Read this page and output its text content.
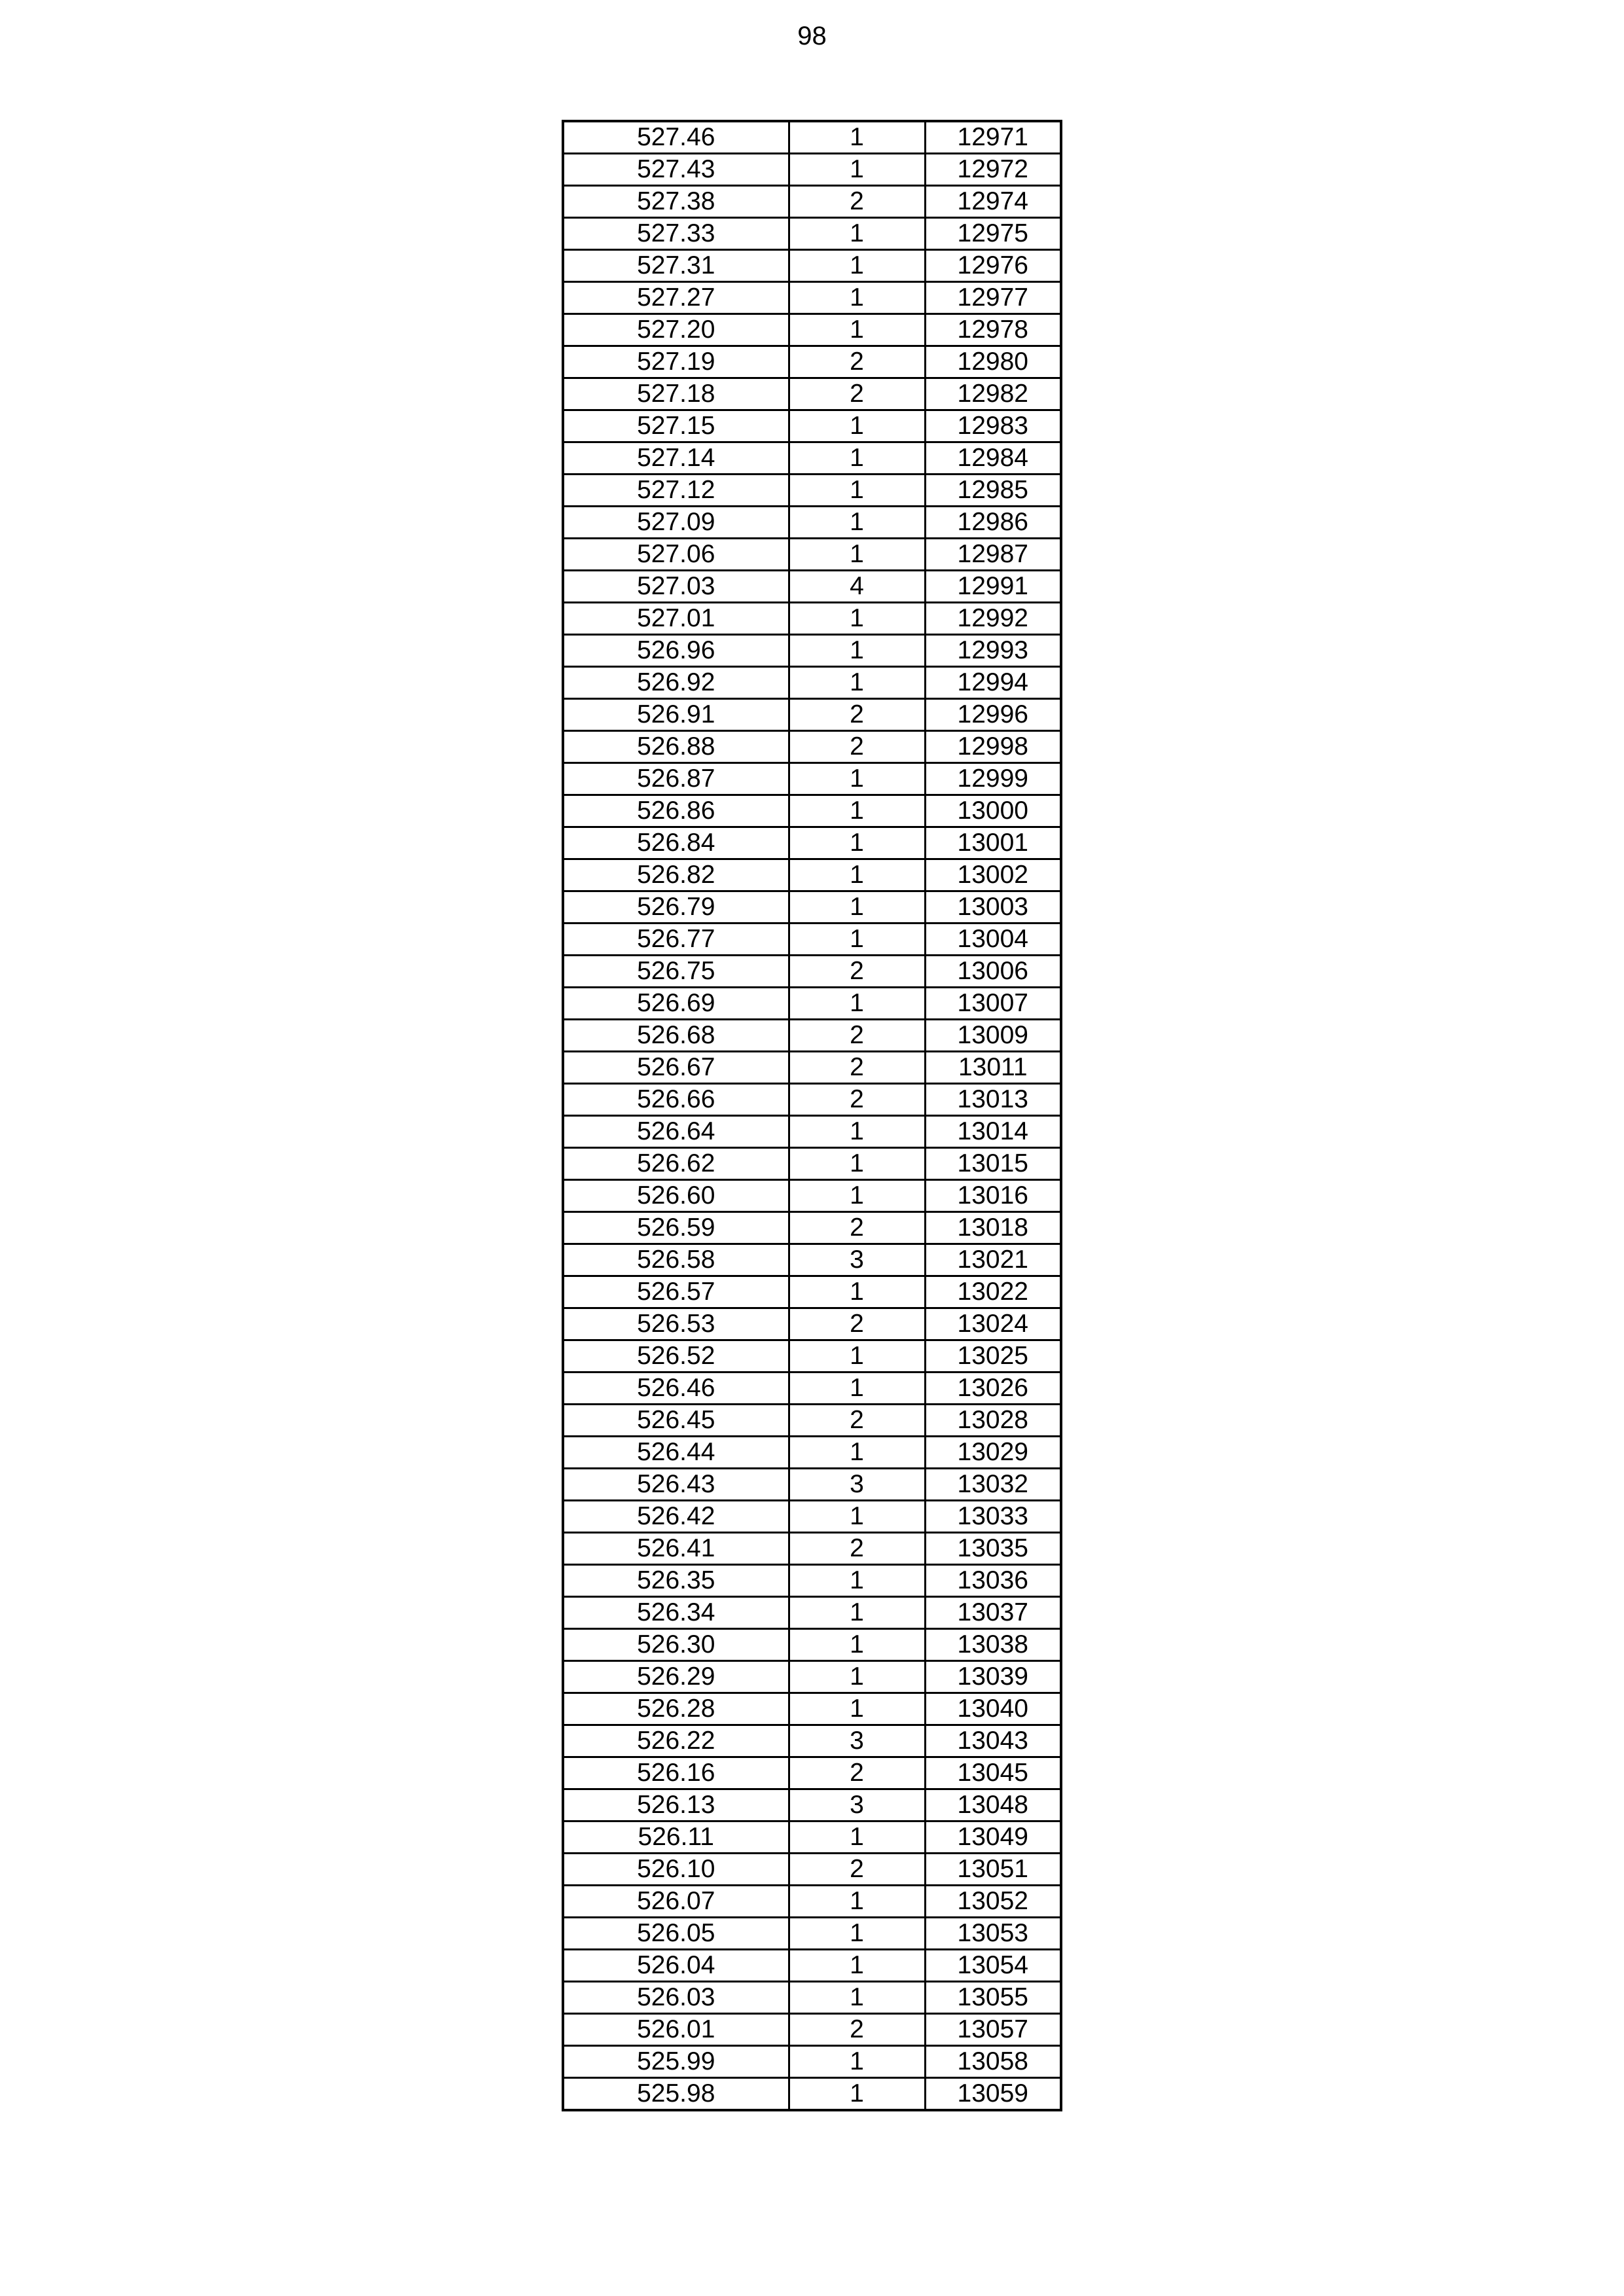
98
527.46	1	12971
527.43	1	12972
527.38	2	12974
527.33	1	12975
527.31	1	12976
527.27	1	12977
527.20	1	12978
527.19	2	12980
527.18	2	12982
527.15	1	12983
527.14	1	12984
527.12	1	12985
527.09	1	12986
527.06	1	12987
527.03	4	12991
527.01	1	12992
526.96	1	12993
526.92	1	12994
526.91	2	12996
526.88	2	12998
526.87	1	12999
526.86	1	13000
526.84	1	13001
526.82	1	13002
526.79	1	13003
526.77	1	13004
526.75	2	13006
526.69	1	13007
526.68	2	13009
526.67	2	13011
526.66	2	13013
526.64	1	13014
526.62	1	13015
526.60	1	13016
526.59	2	13018
526.58	3	13021
526.57	1	13022
526.53	2	13024
526.52	1	13025
526.46	1	13026
526.45	2	13028
526.44	1	13029
526.43	3	13032
526.42	1	13033
526.41	2	13035
526.35	1	13036
526.34	1	13037
526.30	1	13038
526.29	1	13039
526.28	1	13040
526.22	3	13043
526.16	2	13045
526.13	3	13048
526.11	1	13049
526.10	2	13051
526.07	1	13052
526.05	1	13053
526.04	1	13054
526.03	1	13055
526.01	2	13057
525.99	1	13058
525.98	1	13059
